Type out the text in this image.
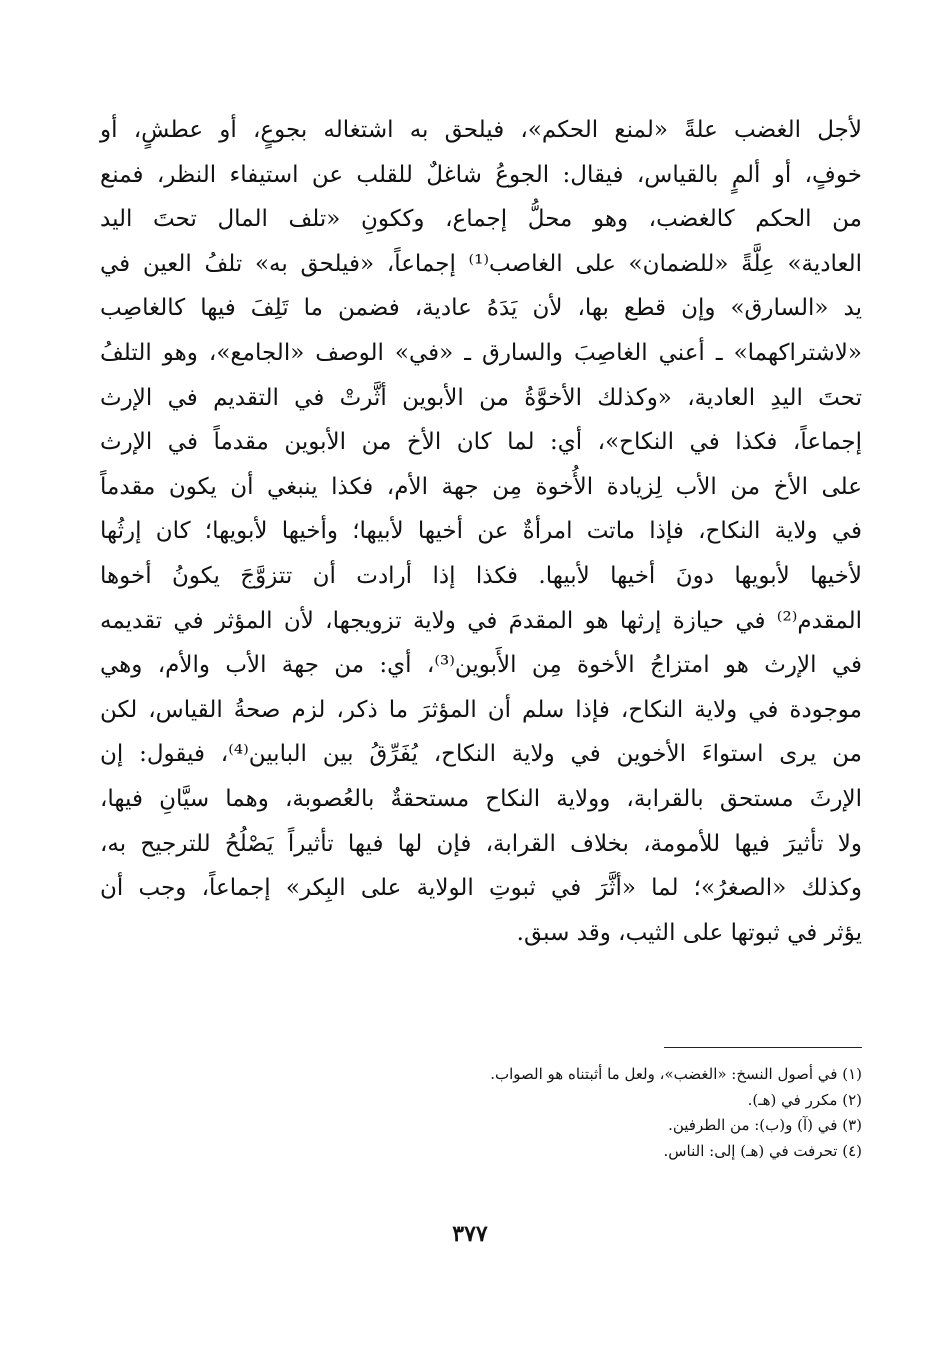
لأجل الغضب علةً «لمنع الحكم»، فيلحق به اشتغاله بجوعٍ، أو عطشٍ، أو
خوفٍ، أو ألمٍ بالقياس، فيقال: الجوعُ شاغلٌ للقلب عن استيفاء النظر، فمنع
من الحكم كالغضب، وهو محلُّ إجماع، وككونِ «تلف المال تحتَ اليد
العادية» عِلَّةً «للضمان» على الغاصب⁽¹⁾ إجماعاً، «فيلحق به» تلفُ العين في
يد «السارق» وإن قطع بها، لأن يَدَهُ عادية، فضمن ما تَلِفَ فيها كالغاصِب
«لاشتراكهما» ـ أعني الغاصِبَ والسارق ـ «في» الوصف «الجامع»، وهو التلفُ
تحتَ اليدِ العادية، «وكذلك الأخوَّةُ من الأبوين أثَّرتْ في التقديم في الإرث
إجماعاً، فكذا في النكاح»، أي: لما كان الأخ من الأبوين مقدماً في الإرث
على الأخ من الأب لِزيادة الأُخوة مِن جهة الأم، فكذا ينبغي أن يكون مقدماً
في ولاية النكاح، فإذا ماتت امرأةٌ عن أخيها لأبيها؛ وأخيها لأبويها؛ كان إرثُها
لأخيها لأبويها دونَ أخيها لأبيها. فكذا إذا أرادت أن تتزوَّجَ يكونُ أخوها
المقدم⁽²⁾ في حيازة إرثها هو المقدمَ في ولاية تزويجها، لأن المؤثر في تقديمه
في الإرث هو امتزاجُ الأخوة مِن الأَبوين⁽³⁾، أي: من جهة الأب والأم، وهي
موجودة في ولاية النكاح، فإذا سلم أن المؤثرَ ما ذكر، لزم صحةُ القياس، لكن
من يرى استواءَ الأخوين في ولاية النكاح، يُفَرِّقُ بين البابين⁽⁴⁾، فيقول: إن
الإرثَ مستحق بالقرابة، وولاية النكاح مستحقةٌ بالعُصوبة، وهما سيَّانِ فيها،
ولا تأثيرَ فيها للأمومة، بخلاف القرابة، فإن لها فيها تأثيراً يَصْلُحُ للترجيح به،
وكذلك «الصغرُ»؛ لما «أثَّرَ في ثبوتِ الولاية على البِكر» إجماعاً، وجب أن
يؤثر في ثبوتها على الثيب، وقد سبق.
(١) في أصول النسخ: «الغضب»، ولعل ما أثبتناه هو الصواب.
(٢) مكرر في (هـ).
(٣) في (آ) و(ب): من الطرفين.
(٤) تحرفت في (هـ) إلى: الناس.
٣٧٧
